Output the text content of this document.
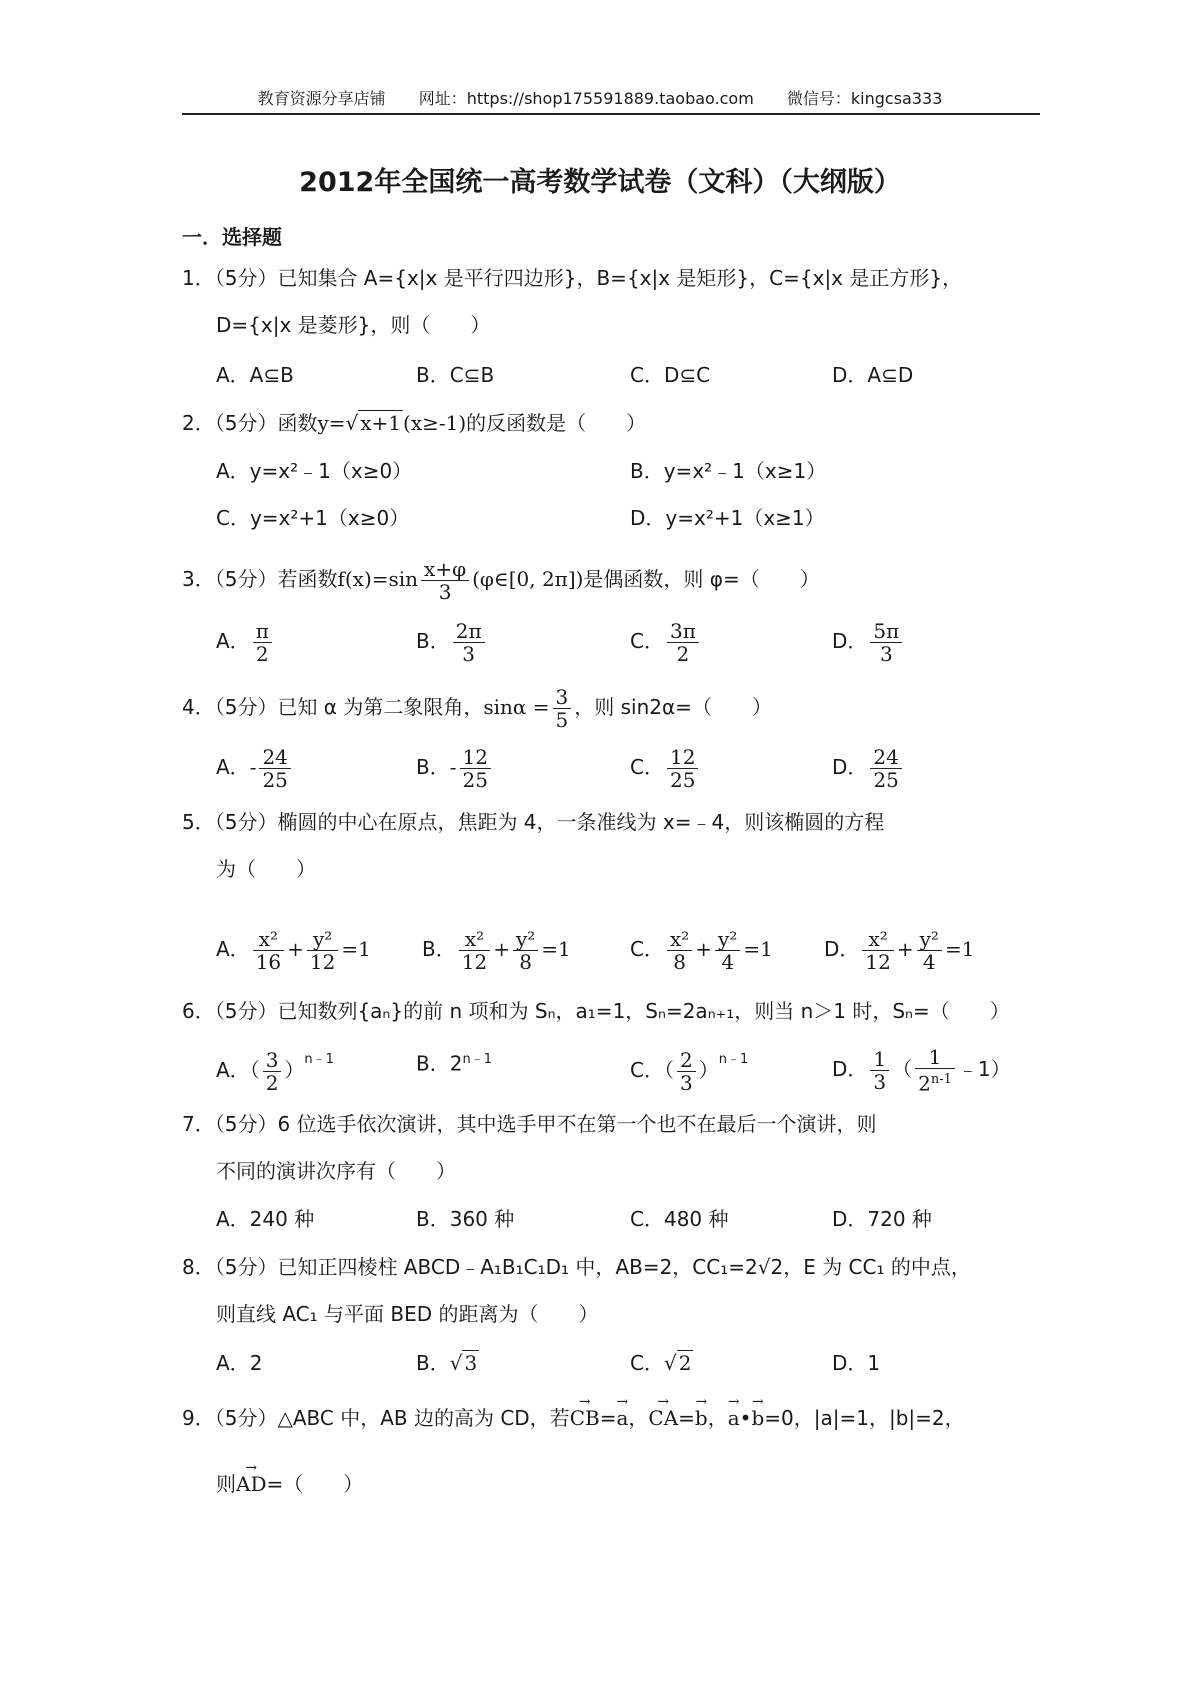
教育资源分享店铺 网址：https://shop175591889.taobao.com 微信号：kingcsa333
2012年全国统一高考数学试卷（文科）（大纲版）
一．选择题
1．（5分）已知集合 A={x|x 是平行四边形}，B={x|x 是矩形}，C={x|x 是正方形}，
D={x|x 是菱形}，则（　　）
A．A⊆B	B．C⊆B	C．D⊆C	D．A⊆D
2．（5分）函数y=√ x+1 (x≥-1)的反函数是（　　）
A．y=x²﹣1（x≥0）	B．y=x²﹣1（x≥1）
C．y=x²+1（x≥0）	D．y=x²+1（x≥1）
3．（5分）若函数$f(x)=\sin \frac{x+\varphi}{3}$ (φ∈[0, 2π])是偶函数，则 φ=（　　）
A． $\frac{\pi}{2}$	B． $\frac{2\pi}{3}$	C． $\frac{3\pi}{2}$	D． $\frac{5\pi}{3}$
4．（5分）已知 α 为第二象限角，$\sin\alpha = \frac{3}{5}$ ，则 sin2α=（　　）
A．- $\frac{24}{25}$	B．- $\frac{12}{25}$	C． $\frac{12}{25}$	D． $\frac{24}{25}$
5．（5分）椭圆的中心在原点，焦距为 4，一条准线为 x=﹣4，则该椭圆的方程
为（　　）
A． $\frac{\text{x²}}{16} + \frac{\text{y²}}{12} =1$	B． $\frac{\text{x²}}{12} + \frac{\text{y²}}{8} =1$	C． $\frac{\text{x²}}{8} + \frac{\text{y²}}{4} =1$	D． $\frac{\text{x²}}{12} + \frac{\text{y²}}{4} =1$
6．（5分）已知数列{aₙ}的前 n 项和为 Sₙ，a₁=1，Sₙ=2aₙ₊₁，则当 n＞1 时，Sₙ=（　　）
A．（ $\frac{3}{2} )^{n﹣1}$	B．$2^{n﹣1}$	C．（ $\frac{2}{3} )^{n﹣1}$	D． $\frac{1}{3}$ （ $\frac{1}{2^{n-1}}$ ﹣1）
7．（5分）6 位选手依次演讲，其中选手甲不在第一个也不在最后一个演讲，则
不同的演讲次序有（　　）
A．240 种	B．360 种	C．480 种	D．720 种
8．（5分）已知正四棱柱 ABCD﹣A₁B₁C₁D₁ 中，AB=2，CC₁=2√2，E 为 CC₁ 的中点，
则直线 AC₁ 与平面 BED 的距离为（　　）
A．2	B．√ 3	C．√ 2	D．1
9．（5分）△ABC 中，AB 边的高为 CD，若→ CB=→ a，→ CA=→ b，→ a•→ b=0，|a|=1，|b|=2，
则→ AD=（　　）
